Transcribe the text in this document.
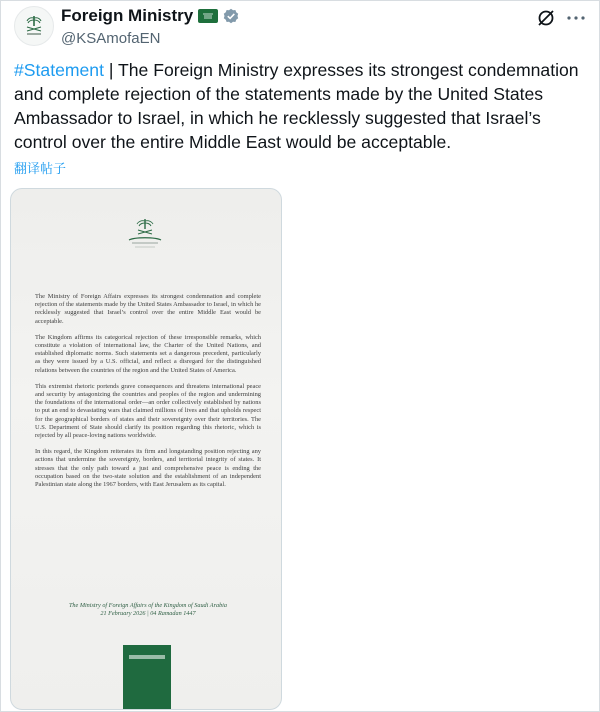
Foreign Ministry
@KSAmofaEN
#Statement | The Foreign Ministry expresses its strongest condemnation and complete rejection of the statements made by the United States Ambassador to Israel, in which he recklessly suggested that Israel’s control over the entire Middle East would be acceptable.
翻译帖子

The Ministry of Foreign Affairs expresses its strongest condemnation and complete rejection of the statements made by the United States Ambassador to Israel, in which he recklessly suggested that Israel’s control over the entire Middle East would be acceptable.

The Kingdom affirms its categorical rejection of these irresponsible remarks, which constitute a violation of international law, the Charter of the United Nations, and established diplomatic norms. Such statements set a dangerous precedent, particularly as they were issued by a U.S. official, and reflect a disregard for the distinguished relations between the countries of the region and the United States of America.

This extremist rhetoric portends grave consequences and threatens international peace and security by antagonizing the countries and peoples of the region and undermining the foundations of the international order—an order collectively established by nations to put an end to devastating wars that claimed millions of lives and that upholds respect for the geographical borders of states and their sovereignty over their territories. The U.S. Department of State should clarify its position regarding this rhetoric, which is rejected by all peace-loving nations worldwide.

In this regard, the Kingdom reiterates its firm and longstanding position rejecting any actions that undermine the sovereignty, borders, and territorial integrity of states. It stresses that the only path toward a just and comprehensive peace is ending the occupation based on the two-state solution and the establishment of an independent Palestinian state along the 1967 borders, with East Jerusalem as its capital.

The Ministry of Foreign Affairs of the Kingdom of Saudi Arabia
21 February 2026 | 04 Ramadan 1447
